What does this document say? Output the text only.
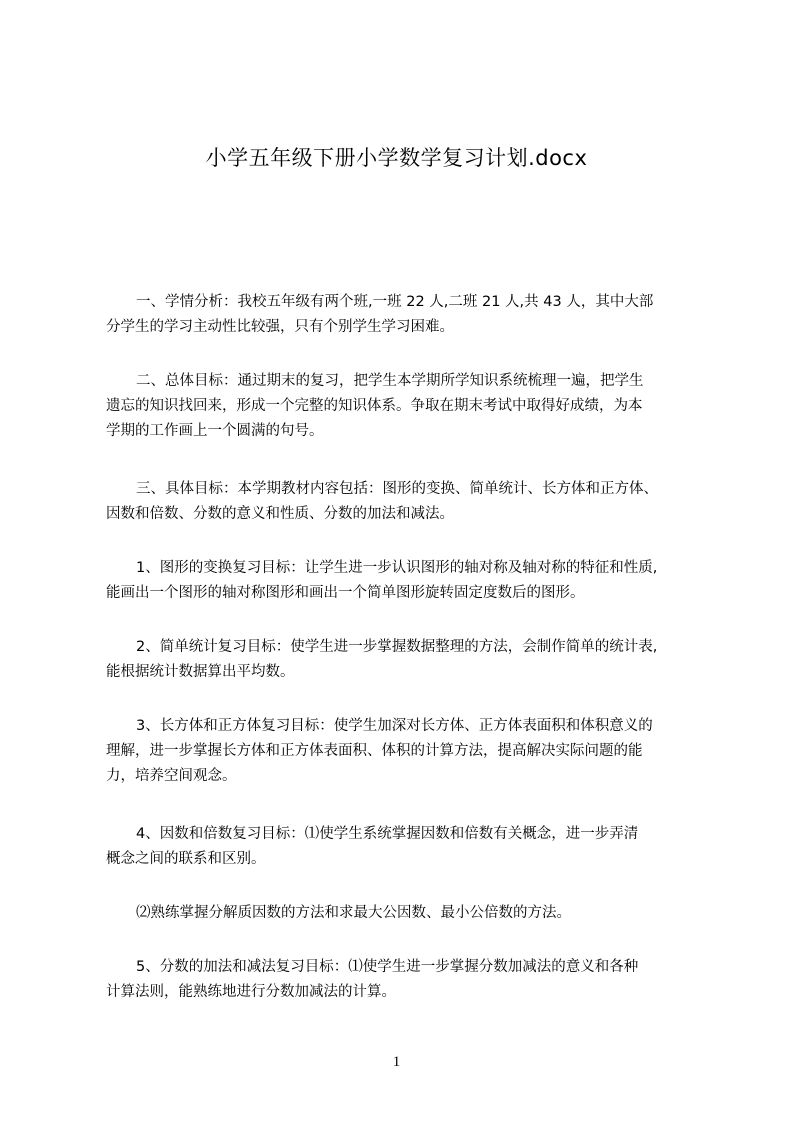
小学五年级下册小学数学复习计划.docx
一、学情分析：我校五年级有两个班,一班 22 人,二班 21 人,共 43 人，其中大部
分学生的学习主动性比较强，只有个别学生学习困难。
二、总体目标：通过期末的复习，把学生本学期所学知识系统梳理一遍，把学生
遗忘的知识找回来，形成一个完整的知识体系。争取在期末考试中取得好成绩，为本
学期的工作画上一个圆满的句号。
三、具体目标：本学期教材内容包括：图形的变换、简单统计、长方体和正方体、
因数和倍数、分数的意义和性质、分数的加法和减法。
1、图形的变换复习目标：让学生进一步认识图形的轴对称及轴对称的特征和性质,
能画出一个图形的轴对称图形和画出一个简单图形旋转固定度数后的图形。
2、简单统计复习目标：使学生进一步掌握数据整理的方法，会制作简单的统计表,
能根据统计数据算出平均数。
3、长方体和正方体复习目标：使学生加深对长方体、正方体表面积和体积意义的
理解，进一步掌握长方体和正方体表面积、体积的计算方法，提高解决实际问题的能
力，培养空间观念。
4、因数和倍数复习目标：⑴使学生系统掌握因数和倍数有关概念，进一步弄清
概念之间的联系和区别。
⑵熟练掌握分解质因数的方法和求最大公因数、最小公倍数的方法。
5、分数的加法和减法复习目标：⑴使学生进一步掌握分数加减法的意义和各种
计算法则，能熟练地进行分数加减法的计算。
1
